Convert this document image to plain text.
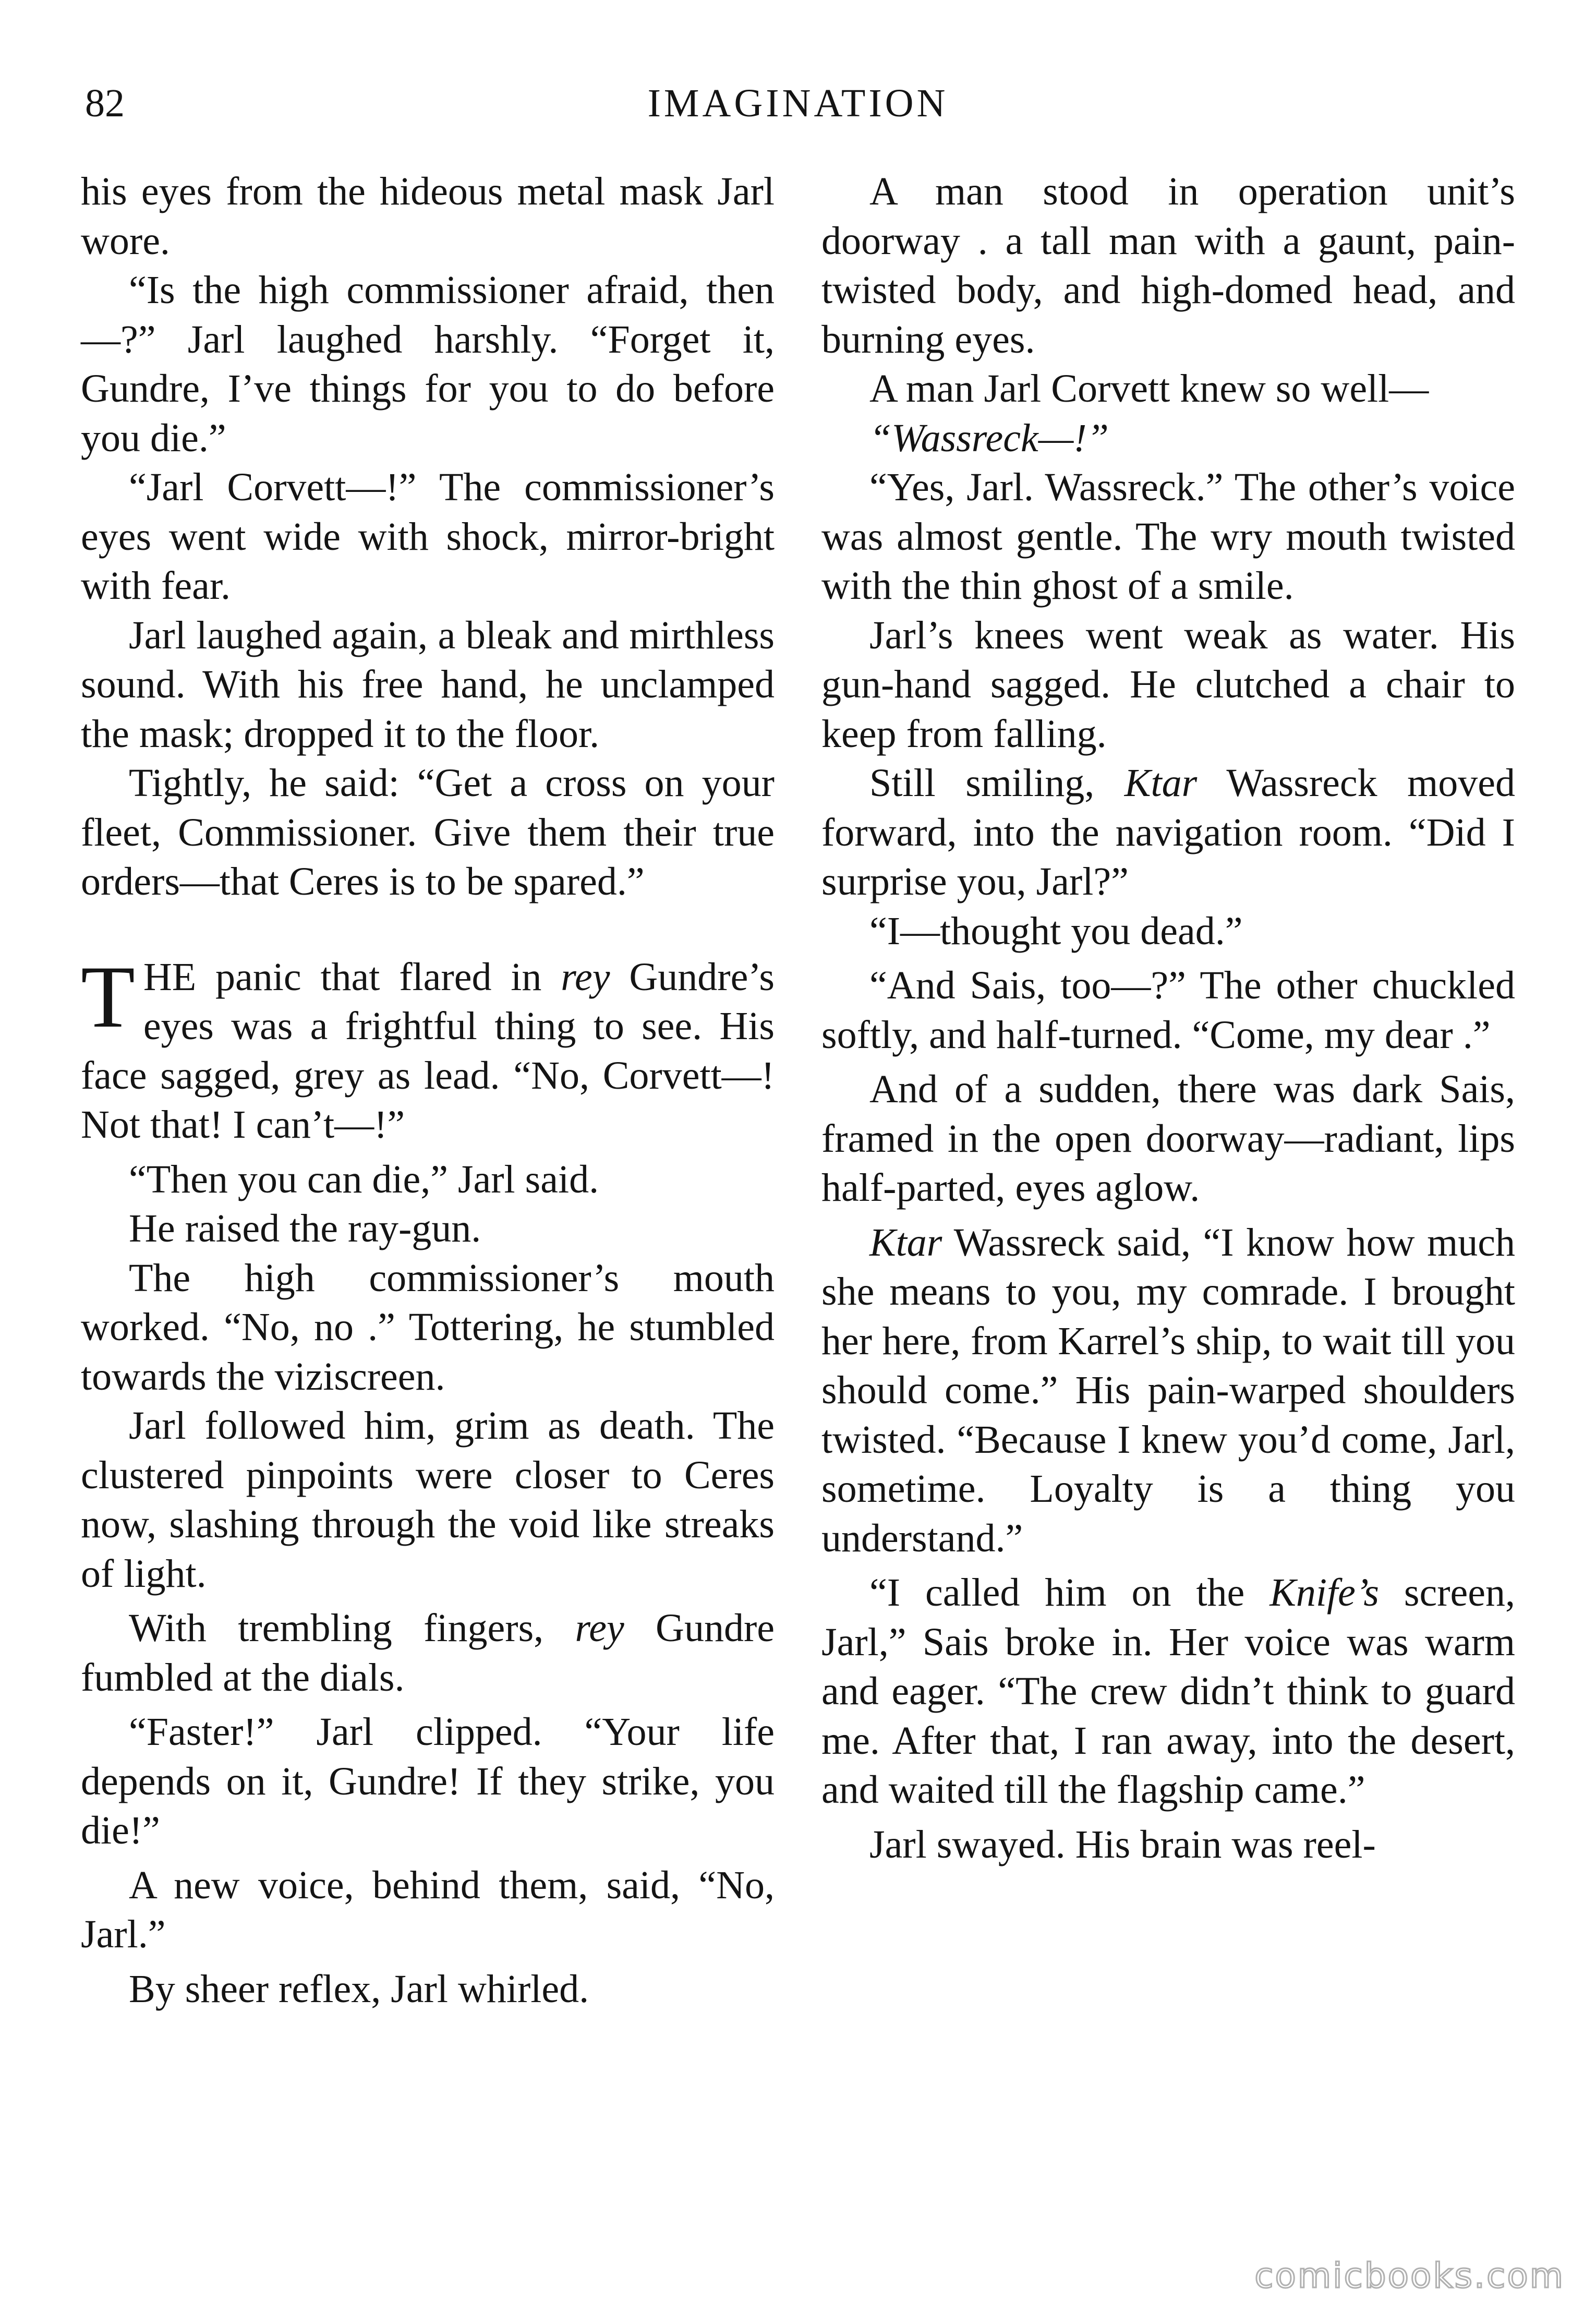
82	IMAGINATION

his eyes from the hideous metal mask Jarl wore.

“Is the high commissioner afraid, then—?” Jarl laughed harshly. “Forget it, Gundre, I’ve things for you to do before you die.”

“Jarl Corvett—!” The commissioner’s eyes went wide with shock, mirror-bright with fear.

Jarl laughed again, a bleak and mirthless sound. With his free hand, he unclamped the mask; dropped it to the floor.

Tightly, he said: “Get a cross on your fleet, Commissioner. Give them their true orders—that Ceres is to be spared.”

THE panic that flared in rey Gundre’s eyes was a frightful thing to see. His face sagged, grey as lead. “No, Corvett—! Not that! I can’t—!”

“Then you can die,” Jarl said.

He raised the ray-gun.

The high commissioner’s mouth worked. “No, no .” Tottering, he stumbled towards the viziscreen.

Jarl followed him, grim as death. The clustered pinpoints were closer to Ceres now, slashing through the void like streaks of light.

With trembling fingers, rey Gundre fumbled at the dials.

“Faster!” Jarl clipped. “Your life depends on it, Gundre! If they strike, you die!”

A new voice, behind them, said, “No, Jarl.”

By sheer reflex, Jarl whirled.

A man stood in operation unit’s doorway . a tall man with a gaunt, pain-twisted body, and high-domed head, and burning eyes.

A man Jarl Corvett knew so well—

“Wassreck—!”

“Yes, Jarl. Wassreck.” The other’s voice was almost gentle. The wry mouth twisted with the thin ghost of a smile.

Jarl’s knees went weak as water. His gun-hand sagged. He clutched a chair to keep from falling.

Still smiling, Ktar Wassreck moved forward, into the navigation room. “Did I surprise you, Jarl?”

“I—thought you dead.”

“And Sais, too—?” The other chuckled softly, and half-turned. “Come, my dear .”

And of a sudden, there was dark Sais, framed in the open doorway—radiant, lips half-parted, eyes aglow.

Ktar Wassreck said, “I know how much she means to you, my comrade. I brought her here, from Karrel’s ship, to wait till you should come.” His pain-warped shoulders twisted. “Because I knew you’d come, Jarl, sometime. Loyalty is a thing you understand.”

“I called him on the Knife’s screen, Jarl,” Sais broke in. Her voice was warm and eager. “The crew didn’t think to guard me. After that, I ran away, into the desert, and waited till the flagship came.”

Jarl swayed. His brain was reel-

comicbooks.com
